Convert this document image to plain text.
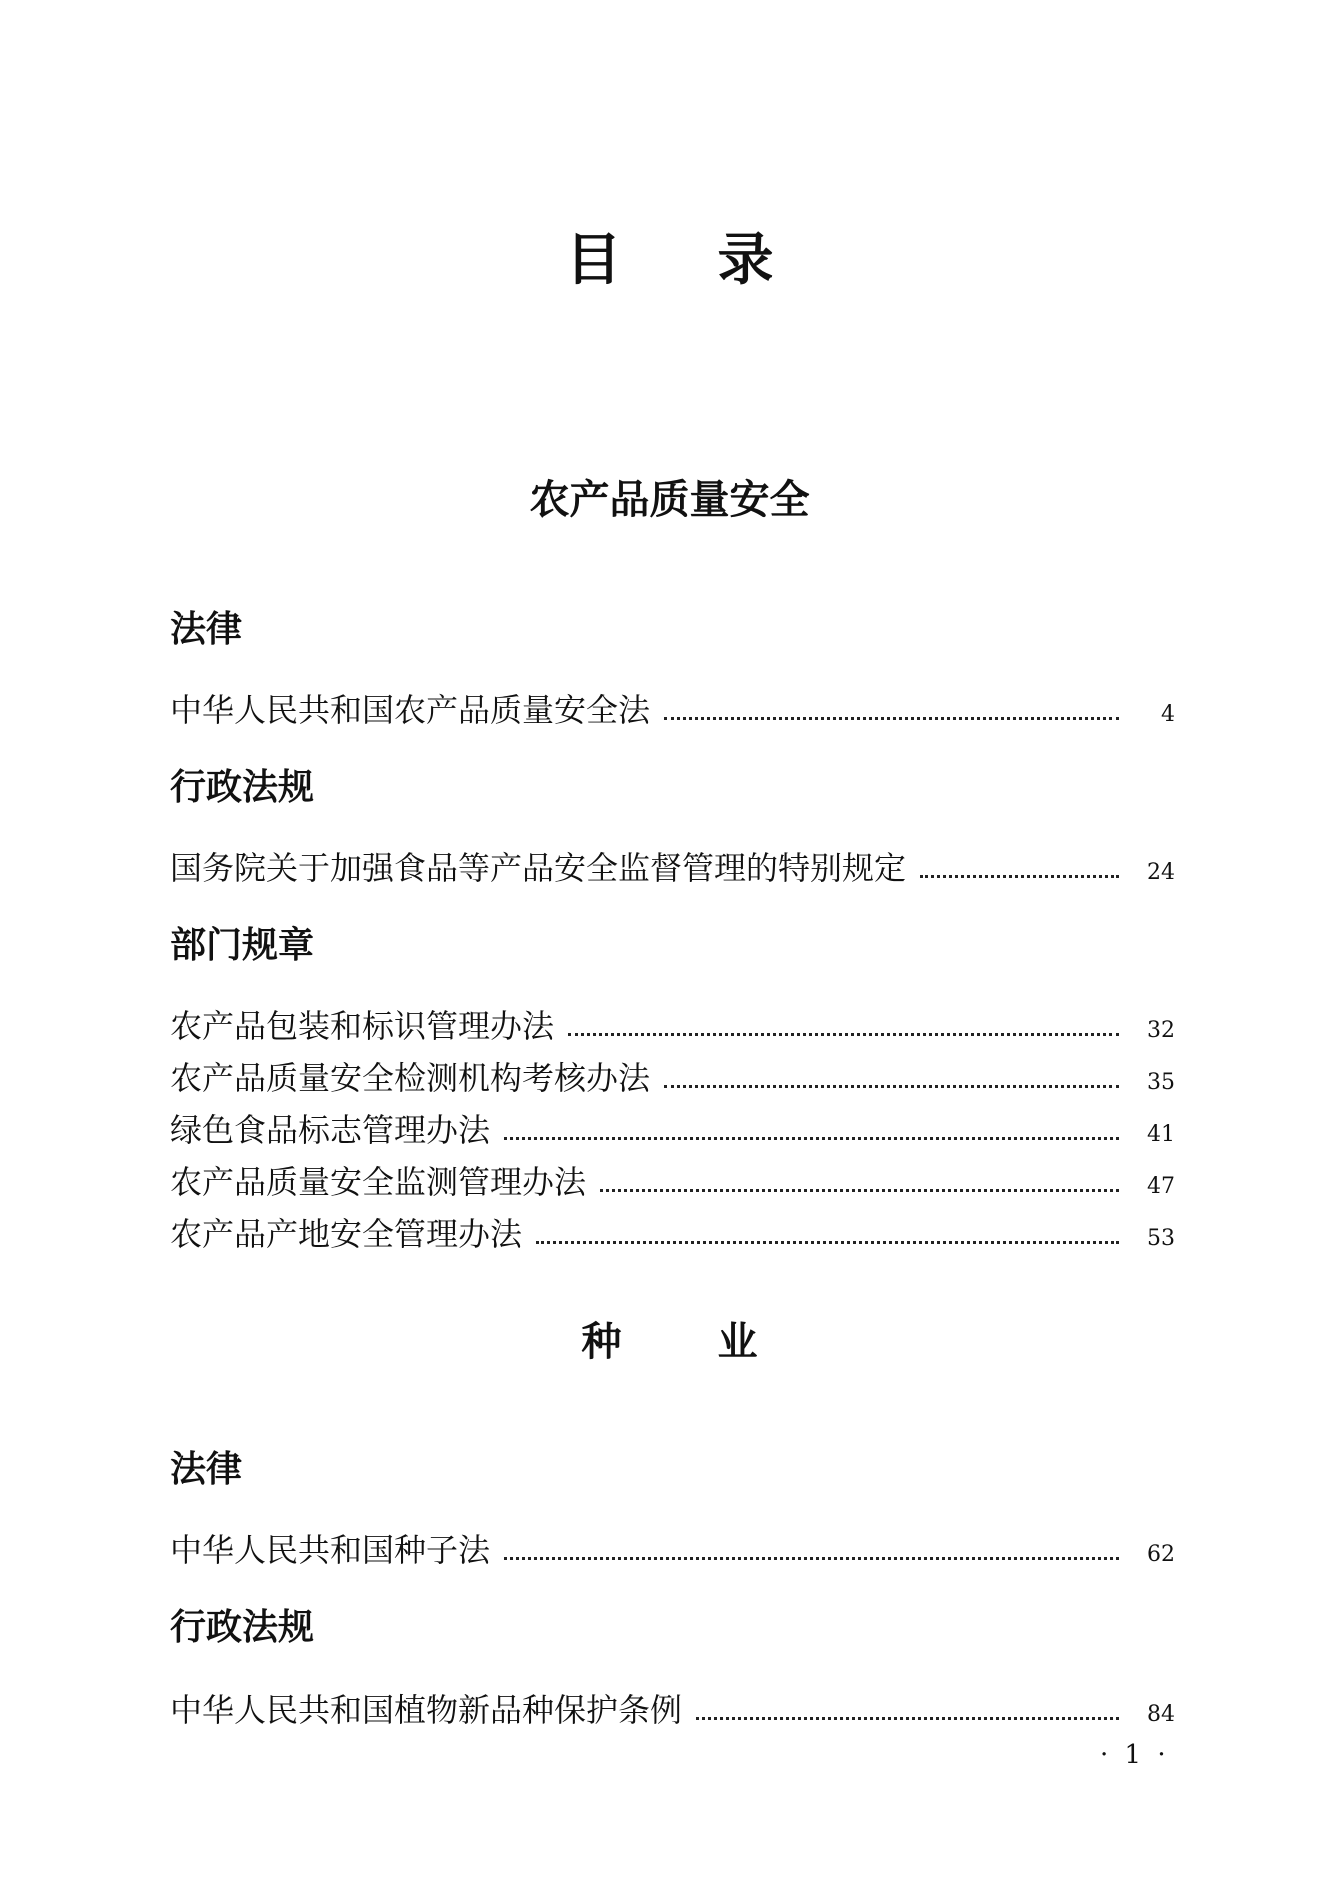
目录
农产品质量安全
法律
中华人民共和国农产品质量安全法	4
行政法规
国务院关于加强食品等产品安全监督管理的特别规定	24
部门规章
农产品包装和标识管理办法	32
农产品质量安全检测机构考核办法	35
绿色食品标志管理办法	41
农产品质量安全监测管理办法	47
农产品产地安全管理办法	53
种业
法律
中华人民共和国种子法	62
行政法规
中华人民共和国植物新品种保护条例	84
· 1 ·
